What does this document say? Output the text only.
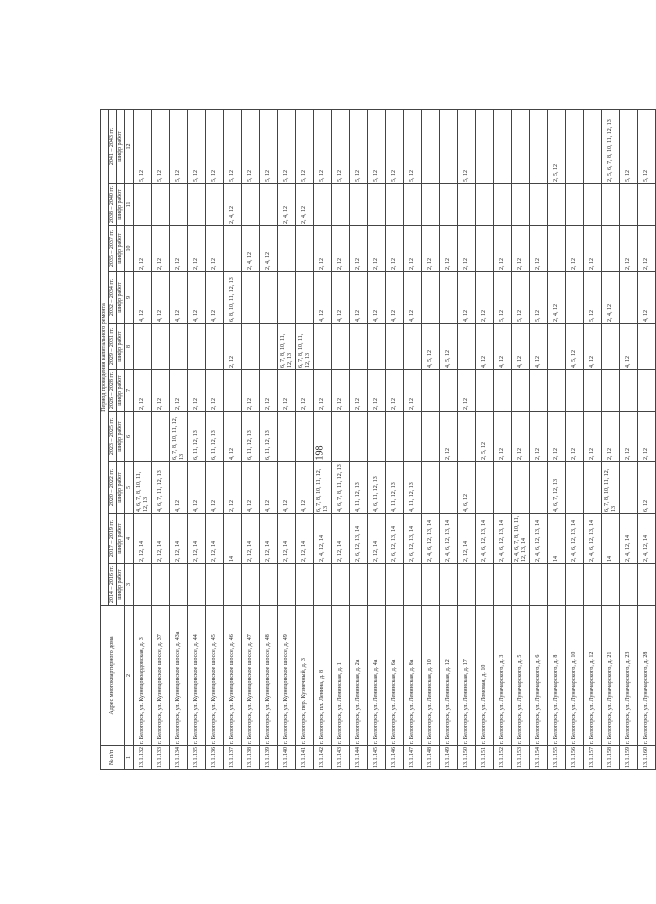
198
№ п/п	Адрес многоквартирного дома	Период проведения капитального ремонта									
		2014 – 2016 гг.	2017 – 2019 гг.	2020 – 2022 гг.	2023 – 2025 гг.	2026 – 2028 гг.	2029 – 2031 гг.	2032 – 2034 гг.	2035 – 2037 гг.	2038 – 2040 гг.	2041 – 2043 гг.
		шифр работ	шифр работ	шифр работ	шифр работ	шифр работ	шифр работ	шифр работ	шифр работ	шифр работ	шифр работ
1	2	3	4	5	6	7	8	9	10	11	12
13.1.132	г. Белогорск, ул. Кузнецовоардовская, д. 3		2, 12, 14	4, 6, 7, 8, 10, 11, 12, 13		2, 12		4, 12	2, 12		5, 12
13.1.133	г. Белогорск, ул. Кузнецовское шоссе, д. 37		2, 12, 14	4, 6, 7, 11, 12, 13		2, 12		4, 12	2, 12		5, 12
13.1.134	г. Белогорск, ул. Кузнецовское шоссе, д. 43а		2, 12, 14	4, 12	6, 7, 8, 10, 11, 12, 13	2, 12		4, 12	2, 12		5, 12
13.1.135	г. Белогорск, ул. Кузнецовское шоссе, д. 44		2, 12, 14	4, 12	6, 11, 12, 13	2, 12		4, 12	2, 12		5, 12
13.1.136	г. Белогорск, ул. Кузнецовское шоссе, д. 45		2, 12, 14	4, 12	6, 11, 12, 13	2, 12		4, 12	2, 12		5, 12
13.1.137	г. Белогорск, ул. Кузнецовское шоссе, д. 46		14	2, 12	4, 12		2, 12	6, 8, 10, 11, 12, 13		2, 4, 12	5, 12
13.1.138	г. Белогорск, ул. Кузнецовское шоссе, д. 47		2, 12, 14	4, 12	6, 11, 12, 13	2, 12			2, 4, 12		5, 12
13.1.139	г. Белогорск, ул. Кузнецовское шоссе, д. 48		2, 12, 14	4, 12	6, 11, 12, 13	2, 12			2, 4, 12		5, 12
13.1.140	г. Белогорск, ул. Кузнецовское шоссе, д. 49		2, 12, 14	4, 12		2, 12	6, 7, 8, 10, 11, 12, 13			2, 4, 12	5, 12
13.1.141	г. Белогорск, пер. Кузнечный, д. 3		2, 12, 14	4, 12		2, 12	6, 7, 8, 10, 11, 12, 13			2, 4, 12	5, 12
13.1.142	г. Белогорск, пл. Ленина, д. 8		2, 4, 12, 14	6, 7, 8, 10, 11, 12, 13		2, 12		4, 12	2, 12		5, 12
13.1.143	г. Белогорск, ул. Ленинская, д. 1		2, 12, 14	4, 6, 7, 8, 11, 12, 13		2, 12		4, 12	2, 12		5, 12
13.1.144	г. Белогорск, ул. Ленинская, д. 2а		2, 6, 12, 13, 14	4, 11, 12, 13		2, 12		4, 12	2, 12		5, 12
13.1.145	г. Белогорск, ул. Ленинская, д. 4а		2, 12, 14	4, 6, 11, 12, 13		2, 12		4, 12	2, 12		5, 12
13.1.146	г. Белогорск, ул. Ленинская, д. 6а		2, 6, 12, 13, 14	4, 11, 12, 13		2, 12		4, 12	2, 12		5, 12
13.1.147	г. Белогорск, ул. Ленинская, д. 8а		2, 6, 12, 13, 14	4, 11, 12, 13		2, 12		4, 12	2, 12		5, 12
13.1.148	г. Белогорск, ул. Ленинская, д. 10		2, 4, 6, 12, 13, 14				4, 5, 12		2, 12		
13.1.149	г. Белогорск, ул. Ленинская, д. 12		2, 4, 6, 12, 13, 14		2, 12		4, 5, 12		2, 12		
13.1.150	г. Белогорск, ул. Ленинская, д. 17		2, 12, 14	4, 6, 12		2, 12		4, 12	2, 12		5, 12
13.1.151	г. Белогорск, ул. Ломовая, д. 10		2, 4, 6, 12, 13, 14		2, 5, 12		4, 12	2, 12			
13.1.152	г. Белогорск, ул. Луначарского, д. 3		2, 4, 6, 12, 13, 14		2, 12		4, 12	5, 12	2, 12		
13.1.153	г. Белогорск, ул. Луначарского, д. 5		2, 4, 6, 7, 8, 10, 11, 12, 13, 14		2, 12		4, 12	5, 12	2, 12		
13.1.154	г. Белогорск, ул. Луначарского, д. 6		2, 4, 6, 12, 13, 14		2, 12		4, 12	5, 12	2, 12		
13.1.155	г. Белогорск, ул. Луначарского, д. 8		14	4, 6, 7, 12, 13	2, 12			2, 4, 12			2, 5, 12
13.1.156	г. Белогорск, ул. Луначарского, д. 10		2, 4, 6, 12, 13, 14		2, 12		4, 5, 12		2, 12		
13.1.157	г. Белогорск, ул. Луначарского, д. 12		2, 4, 6, 12, 13, 14		2, 12		4, 12	5, 12	2, 12		
13.1.158	г. Белогорск, ул. Луначарского, д. 21		14	6, 7, 8, 10, 11, 12, 13	2, 12			2, 4, 12			2, 5, 6, 7, 8, 10, 11, 12, 13
13.1.159	г. Белогорск, ул. Луначарского, д. 23		2, 4, 12, 14		2, 12		4, 12		2, 12		5, 12
13.1.160	г. Белогорск, ул. Луначарского, д. 28		2, 4, 12, 14	6, 12	2, 12			4, 12	2, 12		5, 12
